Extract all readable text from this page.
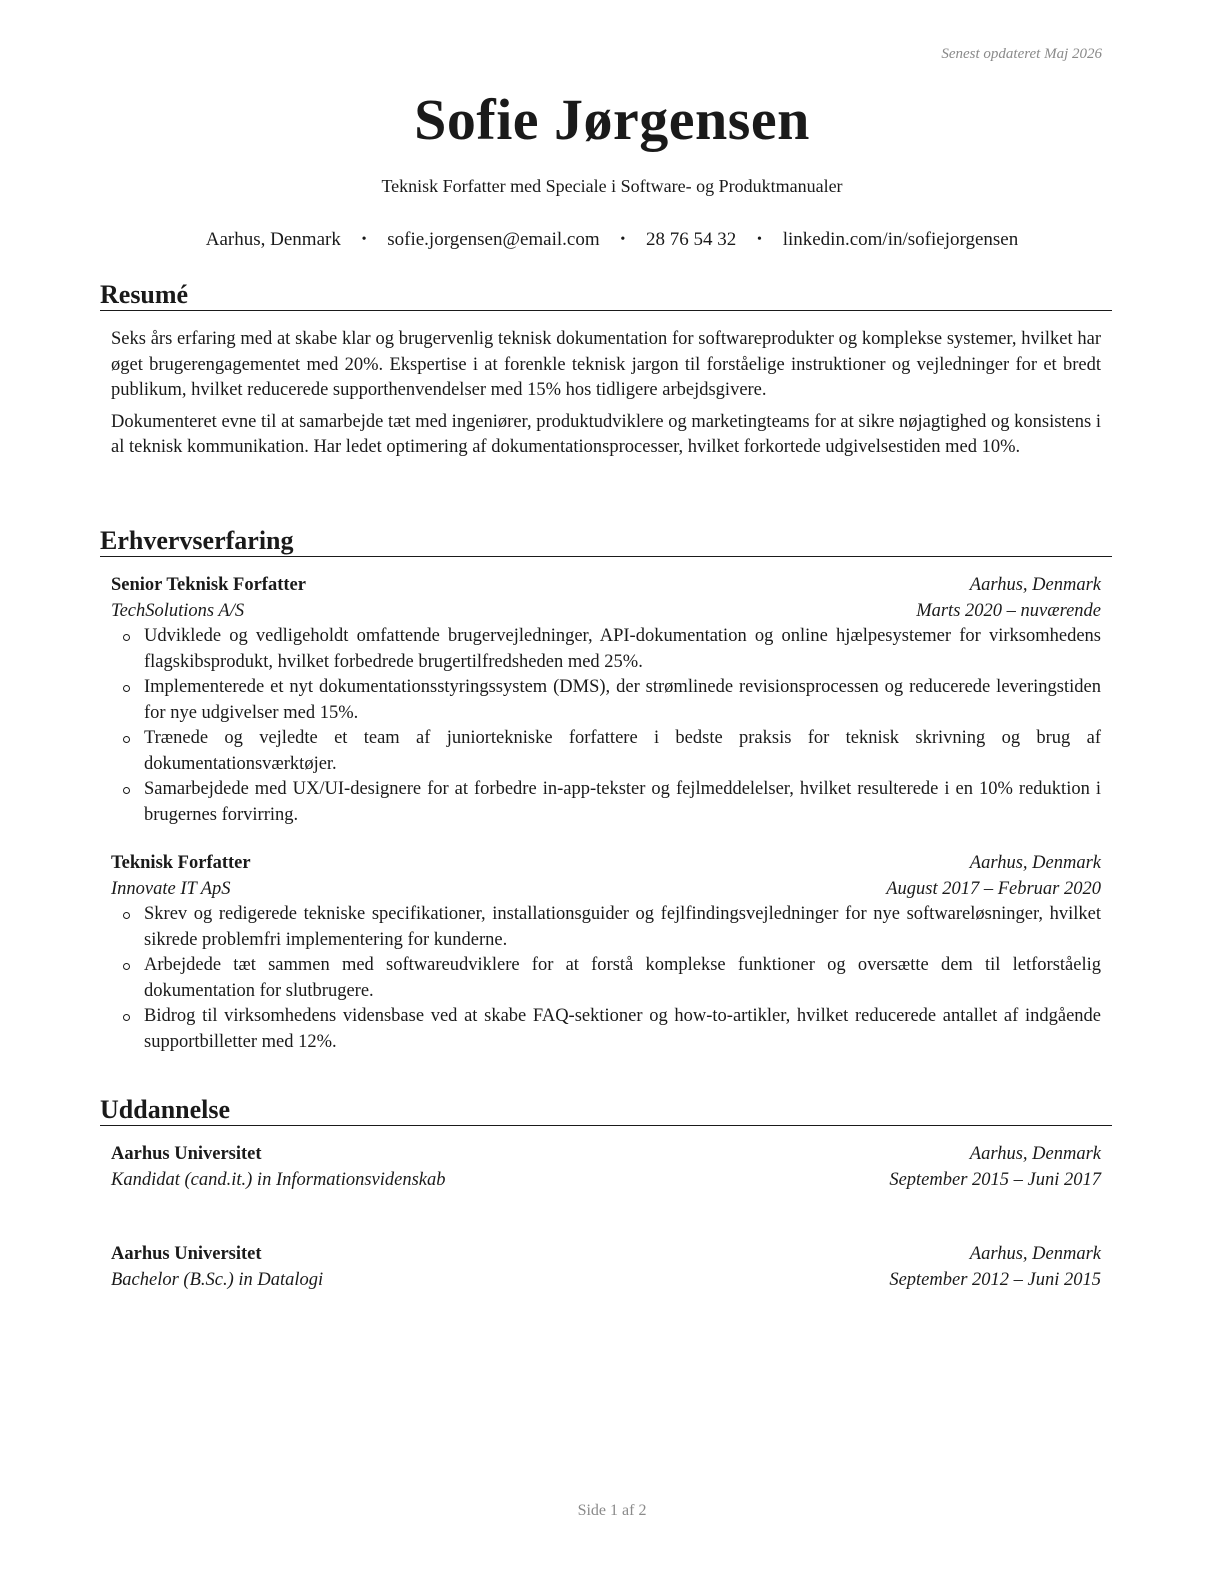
Senest opdateret Maj 2026
Sofie Jørgensen
Teknisk Forfatter med Speciale i Software- og Produktmanualer
Aarhus, Denmark • sofie.jorgensen@email.com • 28 76 54 32 • linkedin.com/in/sofiejorgensen
Resumé

Seks års erfaring med at skabe klar og brugervenlig teknisk dokumentation for softwareprodukter og komplekse systemer, hvilket har øget brugerengagementet med 20%. Ekspertise i at forenkle teknisk jargon til forståelige instruktioner og vejledninger for et bredt publikum, hvilket reducerede supporthenvendelser med 15% hos tidligere arbejdsgivere.

Dokumenteret evne til at samarbejde tæt med ingeniører, produktudviklere og marketingteams for at sikre nøjagtighed og konsistens i al teknisk kommunikation. Har ledet optimering af dokumentationsprocesser, hvilket forkortede udgivelsestiden med 10%.

Erhvervserfaring
Senior Teknisk Forfatter	Aarhus, Denmark
TechSolutions A/S	Marts 2020 – nuværende
Udviklede og vedligeholdt omfattende brugervejledninger, API-dokumentation og online hjælpesystemer for virksomhedens flagskibsprodukt, hvilket forbedrede brugertilfredsheden med 25%.
Implementerede et nyt dokumentationsstyringssystem (DMS), der strømlinede revisionsprocessen og reducerede leveringstiden for nye udgivelser med 15%.
Trænede og vejledte et team af juniortekniske forfattere i bedste praksis for teknisk skrivning og brug af dokumentationsværktøjer.
Samarbejdede med UX/UI-designere for at forbedre in-app-tekster og fejlmeddelelser, hvilket resulterede i en 10% reduktion i brugernes forvirring.
Teknisk Forfatter	Aarhus, Denmark
Innovate IT ApS	August 2017 – Februar 2020
Skrev og redigerede tekniske specifikationer, installationsguider og fejlfindingsvejledninger for nye softwareløsninger, hvilket sikrede problemfri implementering for kunderne.
Arbejdede tæt sammen med softwareudviklere for at forstå komplekse funktioner og oversætte dem til letforståelig dokumentation for slutbrugere.
Bidrog til virksomhedens vidensbase ved at skabe FAQ-sektioner og how-to-artikler, hvilket reducerede antallet af indgående supportbilletter med 12%.
Uddannelse
Aarhus Universitet	Aarhus, Denmark
Kandidat (cand.it.) in Informationsvidenskab	September 2015 – Juni 2017
Aarhus Universitet	Aarhus, Denmark
Bachelor (B.Sc.) in Datalogi	September 2012 – Juni 2015
Side 1 af 2
